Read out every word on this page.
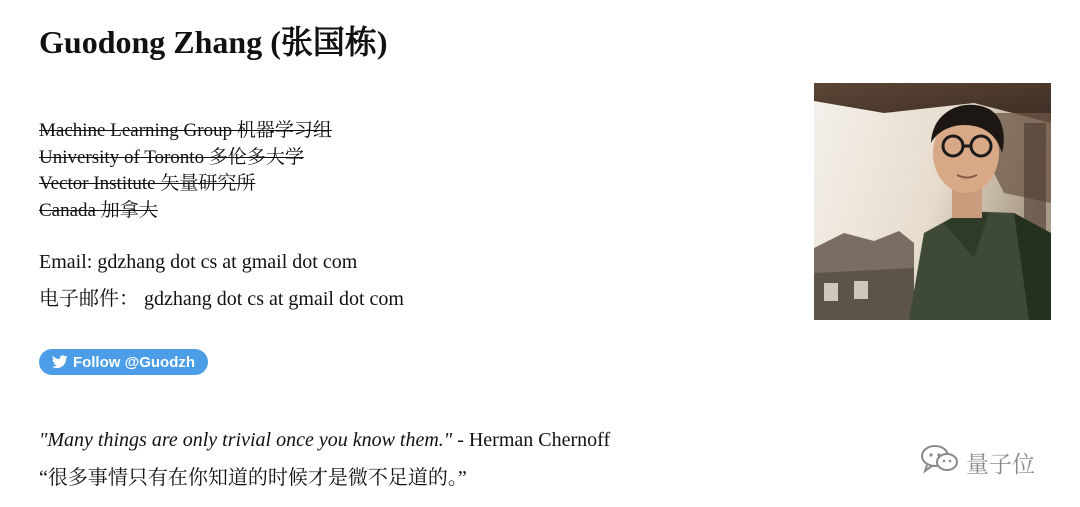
Guodong Zhang (张国栋)
Machine Learning Group 机器学习组
University of Toronto 多伦多大学
Vector Institute 矢量研究所
Canada 加拿大
Email: gdzhang dot cs at gmail dot com
电子邮件： gdzhang dot cs at gmail dot com
Follow @Guodzh
"Many things are only trivial once you know them." - Herman Chernoff
“很多事情只有在你知道的时候才是微不足道的。”
量子位
